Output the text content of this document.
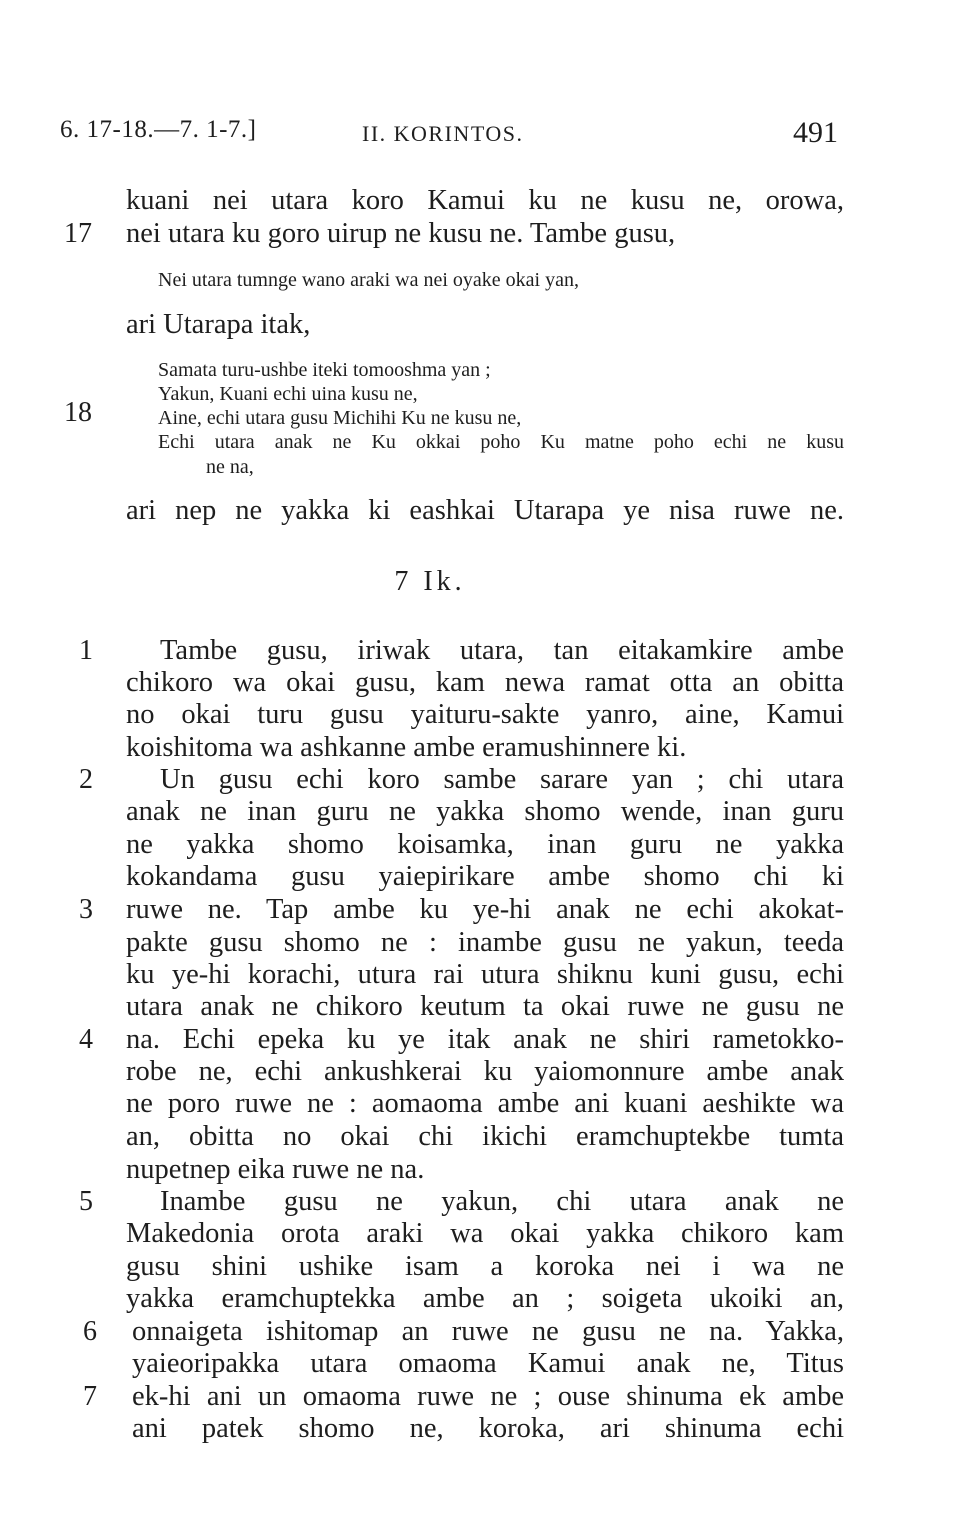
6. 17-18.—7. 1-7.]	II. KORINTOS.	491
kuani nei utara koro Kamui ku ne kusu ne, orowa,
17 nei utara ku goro uirup ne kusu ne. Tambe gusu,
Nei utara tumnge wano araki wa nei oyake okai yan,
ari Utarapa itak,
Samata turu-ushbe iteki tomooshma yan ;
Yakun, Kuani echi uina kusu ne,
18	Aine, echi utara gusu Michihi Ku ne kusu ne,
Echi utara anak ne Ku okkai poho Ku matne poho echi ne kusu
ne na,
ari nep ne yakka ki eashkai Utarapa ye nisa ruwe ne.
7 Ik.
1	Tambe gusu, iriwak utara, tan eitakamkire ambe
chikoro wa okai gusu, kam newa ramat otta an obitta
no okai turu gusu yaituru-sakte yanro, aine, Kamui
koishitoma wa ashkanne ambe eramushinnere ki.
2	Un gusu echi koro sambe sarare yan ; chi utara
anak ne inan guru ne yakka shomo wende, inan guru
ne yakka shomo koisamka, inan guru ne yakka
kokandama gusu yaiepirikare ambe shomo chi ki
3	ruwe ne. Tap ambe ku ye-hi anak ne echi akokat-
pakte gusu shomo ne : inambe gusu ne yakun, teeda
ku ye-hi korachi, utura rai utura shiknu kuni gusu, echi
utara anak ne chikoro keutum ta okai ruwe ne gusu ne
4	na. Echi epeka ku ye itak anak ne shiri rametokko-
robe ne, echi ankushkerai ku yaiomonnure ambe anak
ne poro ruwe ne : aomaoma ambe ani kuani aeshikte wa
an, obitta no okai chi ikichi eramchuptekbe tumta
nupetnep eika ruwe ne na.
5	Inambe gusu ne yakun, chi utara anak ne
Makedonia orota araki wa okai yakka chikoro kam
gusu shini ushike isam a koroka nei i wa ne
yakka eramchuptekka ambe an ; soigeta ukoiki an,
6	onnaigeta ishitomap an ruwe ne gusu ne na. Yakka,
yaieoripakka utara omaoma Kamui anak ne, Titus
7	ek-hi ani un omaoma ruwe ne ; ouse shinuma ek ambe
ani patek shomo ne, koroka, ari shinuma echi
